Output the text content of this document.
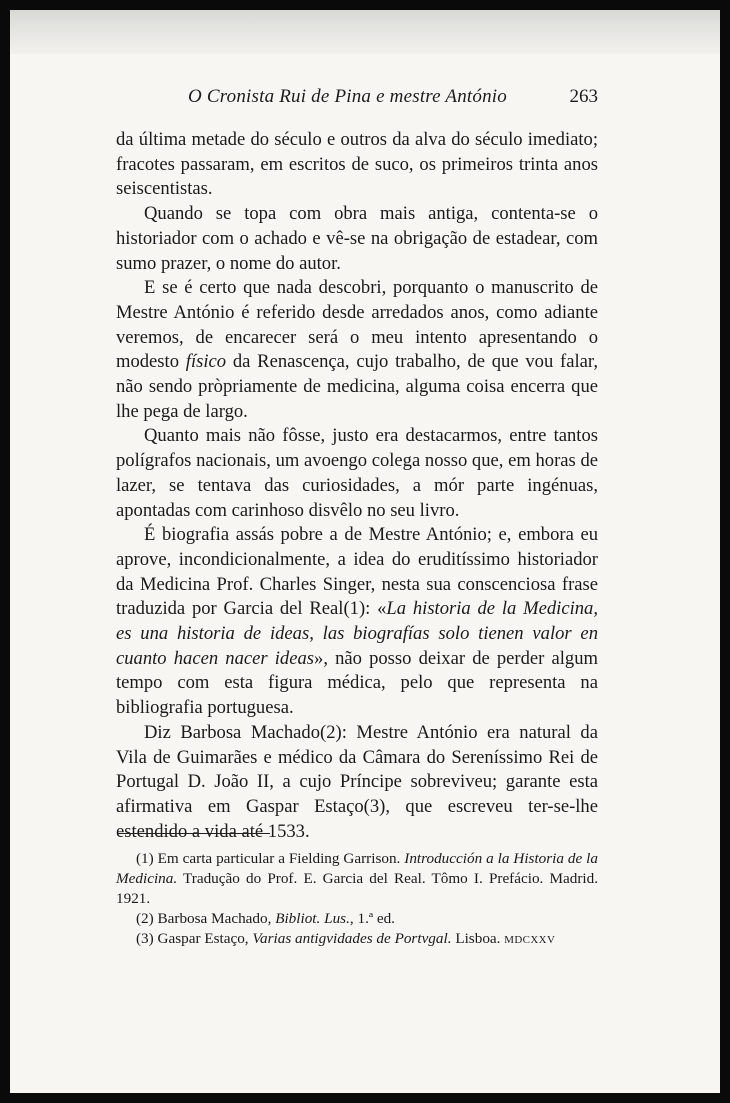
O Cronista Rui de Pina e mestre António	263

da última metade do século e outros da alva do século imediato; fracotes passaram, em escritos de suco, os primeiros trinta anos seiscentistas.

Quando se topa com obra mais antiga, contenta-se o historiador com o achado e vê-se na obrigação de estadear, com sumo prazer, o nome do autor.

E se é certo que nada descobri, porquanto o manuscrito de Mestre António é referido desde arredados anos, como adiante veremos, de encarecer será o meu intento apresentando o modesto físico da Renascença, cujo trabalho, de que vou falar, não sendo pròpriamente de medicina, alguma coisa encerra que lhe pega de largo.

Quanto mais não fôsse, justo era destacarmos, entre tantos polígrafos nacionais, um avoengo colega nosso que, em horas de lazer, se tentava das curiosidades, a mór parte ingénuas, apontadas com carinhoso disvêlo no seu livro.

É biografia assás pobre a de Mestre António; e, embora eu aprove, incondicionalmente, a idea do eruditíssimo historiador da Medicina Prof. Charles Singer, nesta sua conscenciosa frase traduzida por Garcia del Real(1): «La historia de la Medicina, es una historia de ideas, las biografías solo tienen valor en cuanto hacen nacer ideas», não posso deixar de perder algum tempo com esta figura médica, pelo que representa na bibliografia portuguesa.

Diz Barbosa Machado(2): Mestre António era natural da Vila de Guimarães e médico da Câmara do Sereníssimo Rei de Portugal D. João II, a cujo Príncipe sobreviveu; garante esta afirmativa em Gaspar Estaço(3), que escreveu ter-se-lhe estendido a vida até 1533.

(1) Em carta particular a Fielding Garrison. Introducción a la Historia de la Medicina. Tradução do Prof. E. Garcia del Real. Tômo I. Prefácio. Madrid. 1921.

(2) Barbosa Machado, Bibliot. Lus., 1.ª ed.

(3) Gaspar Estaço, Varias antigvidades de Portvgal. Lisboa. MDCXXV
